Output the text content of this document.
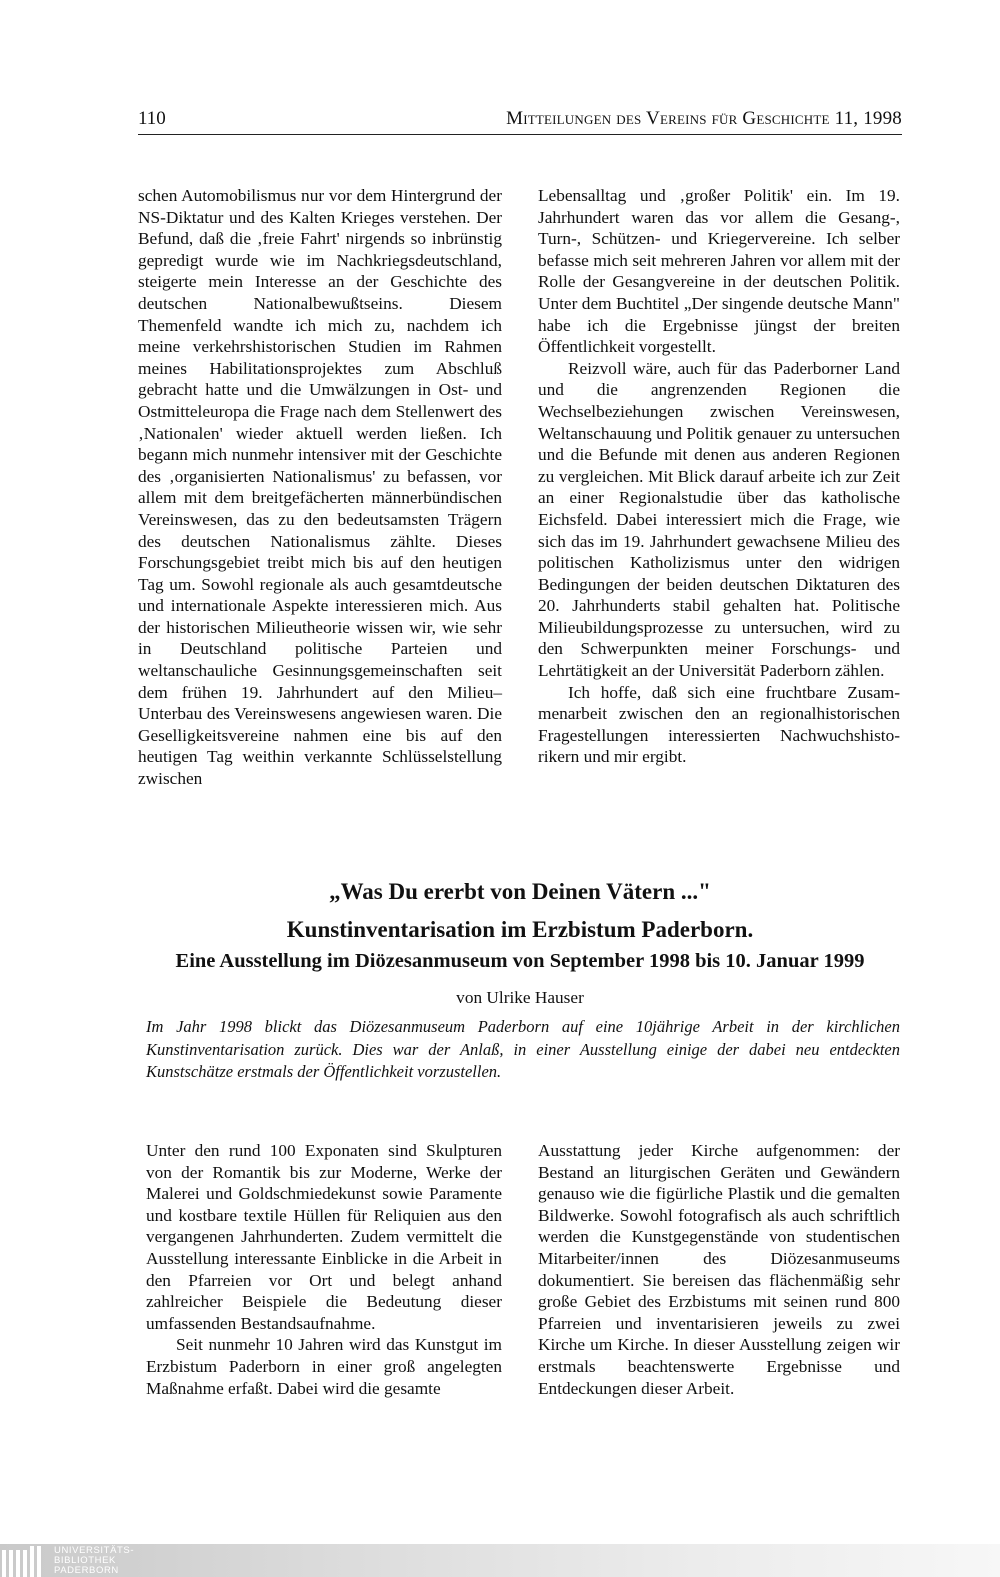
110	Mitteilungen des Vereins für Geschichte 11, 1998

schen Automobilismus nur vor dem Hintergrund der NS-Diktatur und des Kalten Krieges verstehen. Der Befund, daß die ‚freie Fahrt' nirgends so inbrünstig gepredigt wurde wie im Nachkriegsdeutschland, steigerte mein Interesse an der Geschichte des deutschen Nationalbewußtseins. Diesem Themenfeld wandte ich mich zu, nachdem ich meine verkehrshistorischen Studien im Rahmen meines Habilitationsprojektes zum Abschluß gebracht hatte und die Umwälzungen in Ost- und Ostmitteleuropa die Frage nach dem Stellenwert des ‚Nationalen' wieder aktuell werden ließen. Ich begann mich nunmehr intensiver mit der Geschichte des ‚organisierten Nationalismus' zu befassen, vor allem mit dem breitgefächerten männerbündischen Vereinswesen, das zu den bedeutsamsten Trägern des deutschen Nationalismus zählte. Dieses Forschungsgebiet treibt mich bis auf den heutigen Tag um. Sowohl regionale als auch gesamtdeutsche und internationale Aspekte interessieren mich. Aus der historischen Milieutheorie wissen wir, wie sehr in Deutschland politische Parteien und weltanschauliche Gesinnungsgemeinschaften seit dem frühen 19. Jahrhundert auf den Milieu–Unterbau des Vereinswesens angewiesen waren. Die Geselligkeitsvereine nahmen eine bis auf den heutigen Tag weithin verkannte Schlüsselstellung zwischen

Lebensalltag und ‚großer Politik' ein. Im 19. Jahrhundert waren das vor allem die Gesang-, Turn-, Schützen- und Kriegervereine. Ich selber befasse mich seit mehreren Jahren vor allem mit der Rolle der Gesangvereine in der deutschen Politik. Unter dem Buchtitel „Der singende deutsche Mann" habe ich die Ergebnisse jüngst der breiten Öffentlichkeit vorgestellt.

Reizvoll wäre, auch für das Paderborner Land und die angrenzenden Regionen die Wechselbeziehungen zwischen Vereinswesen, Weltanschauung und Politik genauer zu untersuchen und die Befunde mit denen aus anderen Regionen zu vergleichen. Mit Blick darauf arbeite ich zur Zeit an einer Regionalstudie über das katholische Eichsfeld. Dabei interessiert mich die Frage, wie sich das im 19. Jahrhundert gewachsene Milieu des politischen Katholizismus unter den widrigen Bedingungen der beiden deutschen Diktaturen des 20. Jahrhunderts stabil gehalten hat. Politische Milieubildungsprozesse zu untersuchen, wird zu den Schwerpunkten meiner Forschungs- und Lehrtätigkeit an der Universität Paderborn zählen.

Ich hoffe, daß sich eine fruchtbare Zusammenarbeit zwischen den an regionalhistorischen Fragestellungen interessierten Nachwuchshistorikern und mir ergibt.

„Was Du ererbt von Deinen Vätern ..."
Kunstinventarisation im Erzbistum Paderborn.
Eine Ausstellung im Diözesanmuseum von September 1998 bis 10. Januar 1999
von Ulrike Hauser
Im Jahr 1998 blickt das Diözesanmuseum Paderborn auf eine 10jährige Arbeit in der kirchlichen Kunstinventarisation zurück. Dies war der Anlaß, in einer Ausstellung einige der dabei neu entdeckten Kunstschätze erstmals der Öffentlichkeit vorzustellen.

Unter den rund 100 Exponaten sind Skulpturen von der Romantik bis zur Moderne, Werke der Malerei und Goldschmiedekunst sowie Paramente und kostbare textile Hüllen für Reliquien aus den vergangenen Jahrhunderten. Zudem vermittelt die Ausstellung interessante Einblicke in die Arbeit in den Pfarreien vor Ort und belegt anhand zahlreicher Beispiele die Bedeutung dieser umfassenden Bestandsaufnahme.

Seit nunmehr 10 Jahren wird das Kunstgut im Erzbistum Paderborn in einer groß angelegten Maßnahme erfaßt. Dabei wird die gesamte

Ausstattung jeder Kirche aufgenommen: der Bestand an liturgischen Geräten und Gewändern genauso wie die figürliche Plastik und die gemalten Bildwerke. Sowohl fotografisch als auch schriftlich werden die Kunstgegenstände von studentischen Mitarbeiter/innen des Diözesanmuseums dokumentiert. Sie bereisen das flächenmäßig sehr große Gebiet des Erzbistums mit seinen rund 800 Pfarreien und inventarisieren jeweils zu zwei Kirche um Kirche. In dieser Ausstellung zeigen wir erstmals beachtenswerte Ergebnisse und Entdeckungen dieser Arbeit.

UNIVERSITÄTS-
BIBLIOTHEK
PADERBORN
